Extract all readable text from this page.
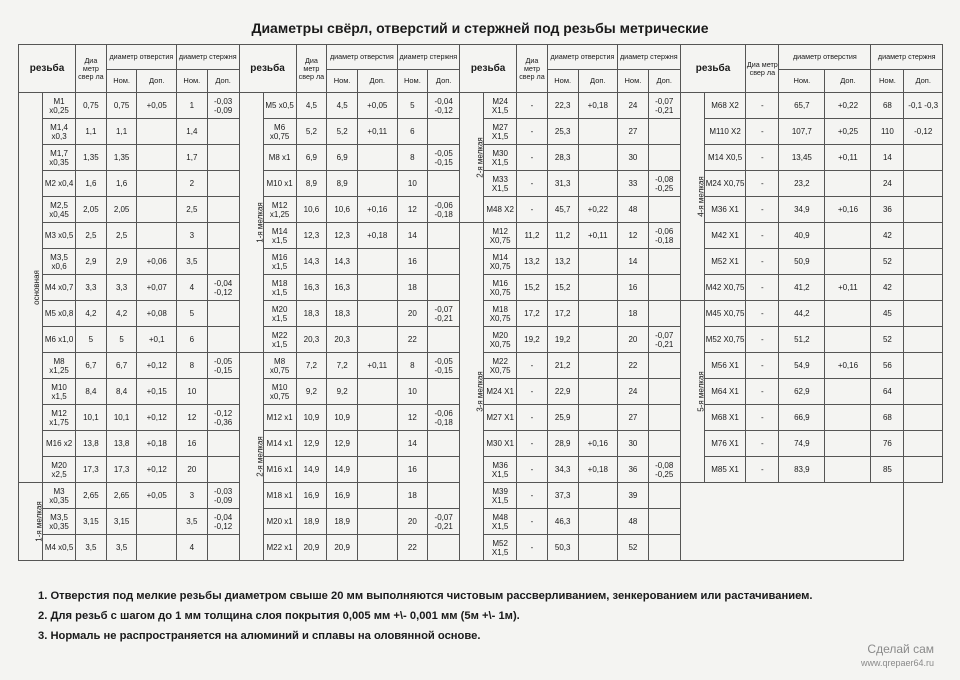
Диаметры свёрл, отверстий и стержней под резьбы метрические
резьба		Диа метр свер ла	диаметр отверстия		диаметр стержня		резьба		Диа метр свер ла	диаметр отверстия		диаметр стержня		резьба		Диа метр свер ла	диаметр отверстия		диаметр стержня		резьба		Диа метр свер ла	диаметр отверстия		диаметр стержня	
			Ном.	Доп.	Ном.	Доп.				Ном.	Доп.	Ном.	Доп.				Ном.	Доп.	Ном.	Доп.				Ном.	Доп.	Ном.	Доп.
основная	M1 x0,25	0,75	0,75	+0,05	1	-0,03 -0,09	1-я мелкая	M5 x0,5	4,5	4,5	+0,05	5	-0,04 -0,12	2-я мелкая	M24 X1,5	-	22,3	+0,18	24	-0,07 -0,21	4-я мелкая	M68 X2	-	65,7	+0,22	68	-0,1 -0,3
	M1,4 x0,3	1,1	1,1		1,4			M6 x0,75	5,2	5,2	+0,11	6			M27 X1,5	-	25,3		27			M110 X2	-	107,7	+0,25	110	-0,12
	M1,7 x0,35	1,35	1,35		1,7			M8 x1	6,9	6,9		8	-0,05 -0,15		M30 X1,5	-	28,3		30			M14 X0,5	-	13,45	+0,11	14	
	M2 x0,4	1,6	1,6		2			M10 x1	8,9	8,9		10			M33 X1,5	-	31,3		33	-0,08 -0,25		M24 X0,75	-	23,2		24	
	M2,5 x0,45	2,05	2,05		2,5			M12 x1,25	10,6	10,6	+0,16	12	-0,06 -0,18		M48 X2	-	45,7	+0,22	48			M36 X1	-	34,9	+0,16	36	
	M3 x0,5	2,5	2,5		3			M14 x1,5	12,3	12,3	+0,18	14		3-я мелкая	M12 X0,75	11,2	11,2	+0,11	12	-0,06 -0,18		M42 X1	-	40,9		42	
	M3,5 x0,6	2,9	2,9	+0,06	3,5			M16 x1,5	14,3	14,3		16			M14 X0,75	13,2	13,2		14			M52 X1	-	50,9		52	
	M4 x0,7	3,3	3,3	+0,07	4	-0,04 -0,12		M18 x1,5	16,3	16,3		18			M16 X0,75	15,2	15,2		16			M42 X0,75	-	41,2	+0,11	42	
	M5 x0,8	4,2	4,2	+0,08	5			M20 x1,5	18,3	18,3		20	-0,07 -0,21		M18 X0,75	17,2	17,2		18		5-я мелкая	M45 X0,75	-	44,2		45	
	M6 x1,0	5	5	+0,1	6			M22 x1,5	20,3	20,3		22			M20 X0,75	19,2	19,2		20	-0,07 -0,21		M52 X0,75	-	51,2		52	
	M8 x1,25	6,7	6,7	+0,12	8	-0,05 -0,15	2-я мелкая	M8 x0,75	7,2	7,2	+0,11	8	-0,05 -0,15		M22 X0,75	-	21,2		22			M56 X1	-	54,9	+0,16	56	
	M10 x1,5	8,4	8,4	+0,15	10			M10 x0,75	9,2	9,2		10			M24 X1	-	22,9		24			M64 X1	-	62,9		64	
	M12 x1,75	10,1	10,1	+0,12	12	-0,12 -0,36		M12 x1	10,9	10,9		12	-0,06 -0,18		M27 X1	-	25,9		27			M68 X1	-	66,9		68	
	M16 x2	13,8	13,8	+0,18	16			M14 x1	12,9	12,9		14			M30 X1	-	28,9	+0,16	30			M76 X1	-	74,9		76	
	M20 x2,5	17,3	17,3	+0,12	20			M16 x1	14,9	14,9		16			M36 X1,5	-	34,3	+0,18	36	-0,08 -0,25		M85 X1	-	83,9		85	
1-я мелкая	M3 x0,35	2,65	2,65	+0,05	3	-0,03 -0,09		M18 x1	16,9	16,9		18			M39 X1,5	-	37,3		39								
	M3,5 x0,35	3,15	3,15		3,5	-0,04 -0,12		M20 x1	18,9	18,9		20	-0,07 -0,21		M48 X1,5	-	46,3		48								
	M4 x0,5	3,5	3,5		4			M22 x1	20,9	20,9		22			M52 X1,5	-	50,3		52								
1. Отверстия под мелкие резьбы диаметром свыше 20 мм выполняются чистовым рассверливанием, зенкерованием или растачиванием.
2. Для резьб с шагом до 1 мм толщина слоя покрытия 0,005 мм +\- 0,001 мм (5м +\- 1м).
3. Нормаль не распространяется на алюминий и сплавы на оловянной основе.
Сделай сам
www.qrepaer64.ru
